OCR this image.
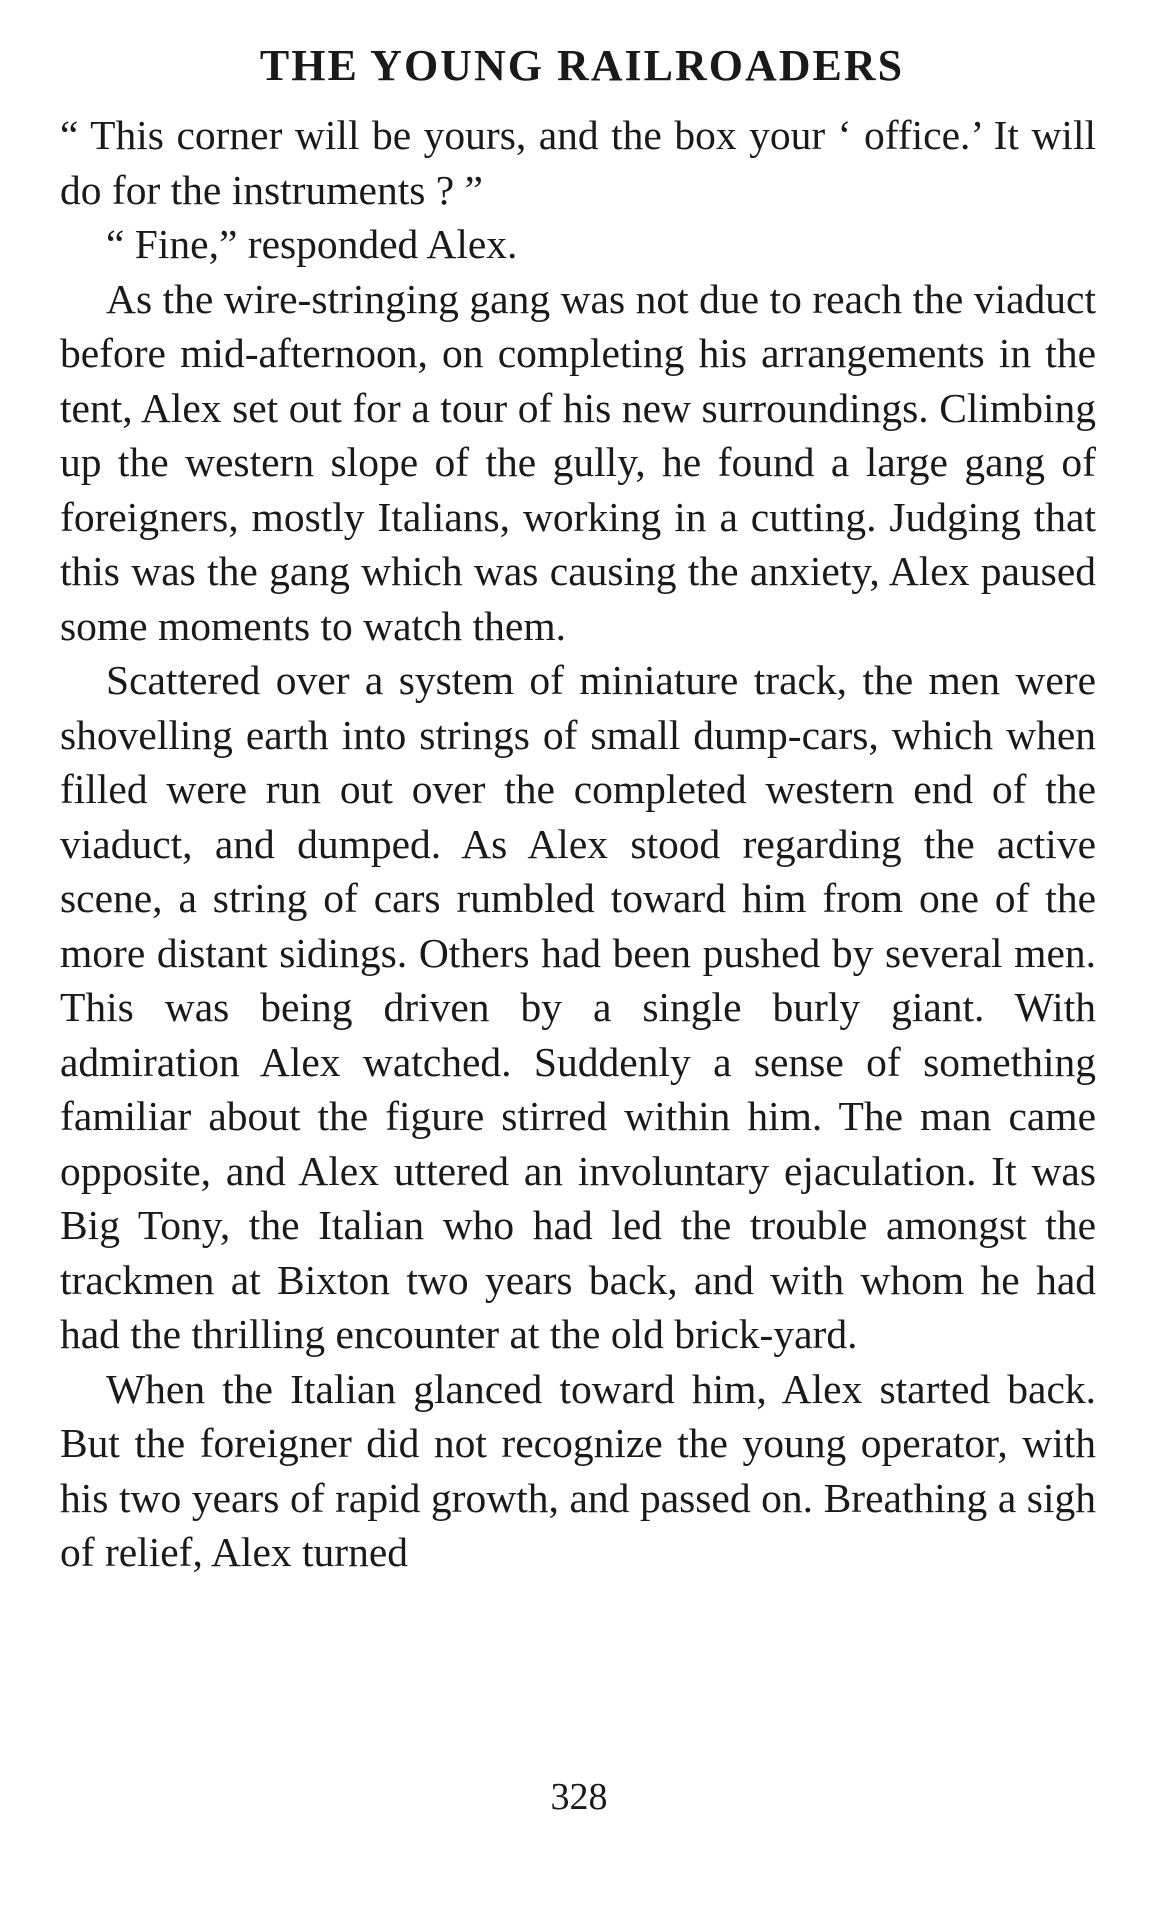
THE YOUNG RAILROADERS

“ This corner will be yours, and the box your ‘ office.’ It will do for the instruments ? ”

“ Fine,” responded Alex.

As the wire-stringing gang was not due to reach the viaduct before mid-afternoon, on completing his arrangements in the tent, Alex set out for a tour of his new surroundings. Climbing up the western slope of the gully, he found a large gang of foreigners, mostly Italians, working in a cutting. Judging that this was the gang which was causing the anxiety, Alex paused some moments to watch them.

Scattered over a system of miniature track, the men were shovelling earth into strings of small dump-cars, which when filled were run out over the completed western end of the viaduct, and dumped. As Alex stood regarding the active scene, a string of cars rumbled toward him from one of the more distant sidings. Others had been pushed by several men. This was being driven by a single burly giant. With admiration Alex watched. Suddenly a sense of something familiar about the figure stirred within him. The man came opposite, and Alex uttered an involuntary ejaculation. It was Big Tony, the Italian who had led the trouble amongst the trackmen at Bixton two years back, and with whom he had had the thrilling encounter at the old brick-yard.

When the Italian glanced toward him, Alex started back. But the foreigner did not recognize the young operator, with his two years of rapid growth, and passed on. Breathing a sigh of relief, Alex turned

328
